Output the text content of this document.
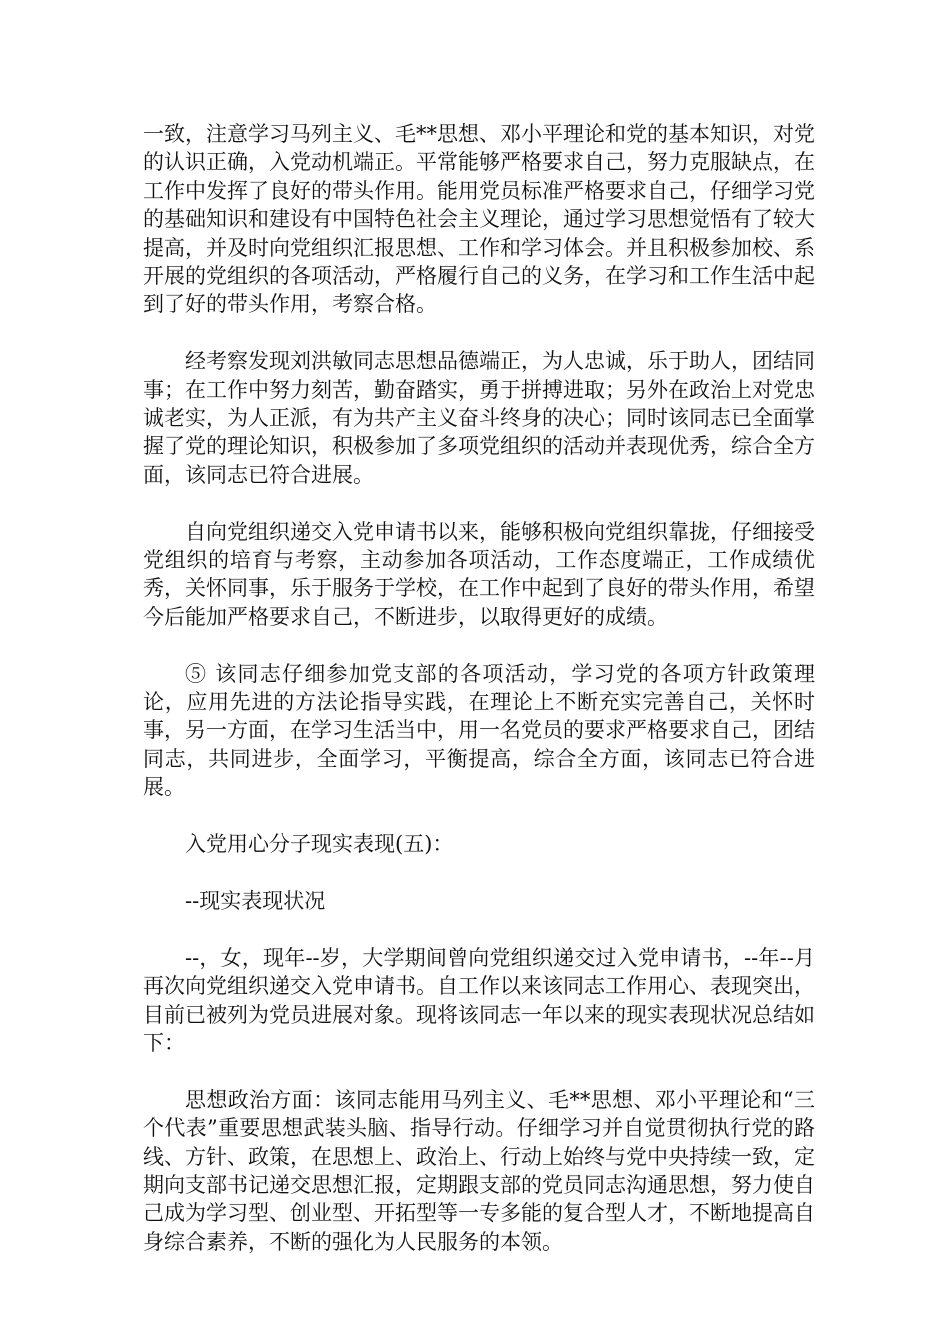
一致，注意学习马列主义、毛**思想、邓小平理论和党的基本知识，对党的认识正确，入党动机端正。平常能够严格要求自己，努力克服缺点，在工作中发挥了良好的带头作用。能用党员标准严格要求自己，仔细学习党的基础知识和建设有中国特色社会主义理论，通过学习思想觉悟有了较大提高，并及时向党组织汇报思想、工作和学习体会。并且积极参加校、系开展的党组织的各项活动，严格履行自己的义务，在学习和工作生活中起到了好的带头作用，考察合格。

经考察发现刘洪敏同志思想品德端正，为人忠诚，乐于助人，团结同事；在工作中努力刻苦，勤奋踏实，勇于拼搏进取；另外在政治上对党忠诚老实，为人正派，有为共产主义奋斗终身的决心；同时该同志已全面掌握了党的理论知识，积极参加了多项党组织的活动并表现优秀，综合全方面，该同志已符合进展。

自向党组织递交入党申请书以来，能够积极向党组织靠拢，仔细接受党组织的培育与考察，主动参加各项活动，工作态度端正，工作成绩优秀，关怀同事，乐于服务于学校，在工作中起到了良好的带头作用，希望今后能加严格要求自己，不断进步，以取得更好的成绩。

⑤ 该同志仔细参加党支部的各项活动，学习党的各项方针政策理论，应用先进的方法论指导实践，在理论上不断充实完善自己，关怀时事，另一方面，在学习生活当中，用一名党员的要求严格要求自己，团结同志，共同进步，全面学习，平衡提高，综合全方面，该同志已符合进展。

入党用心分子现实表现(五)：

--现实表现状况

--，女，现年--岁，大学期间曾向党组织递交过入党申请书，--年--月再次向党组织递交入党申请书。自工作以来该同志工作用心、表现突出，目前已被列为党员进展对象。现将该同志一年以来的现实表现状况总结如下：

思想政治方面：该同志能用马列主义、毛**思想、邓小平理论和“三个代表”重要思想武装头脑、指导行动。仔细学习并自觉贯彻执行党的路线、方针、政策，在思想上、政治上、行动上始终与党中央持续一致，定期向支部书记递交思想汇报，定期跟支部的党员同志沟通思想，努力使自己成为学习型、创业型、开拓型等一专多能的复合型人才，不断地提高自身综合素养，不断的强化为人民服务的本领。
